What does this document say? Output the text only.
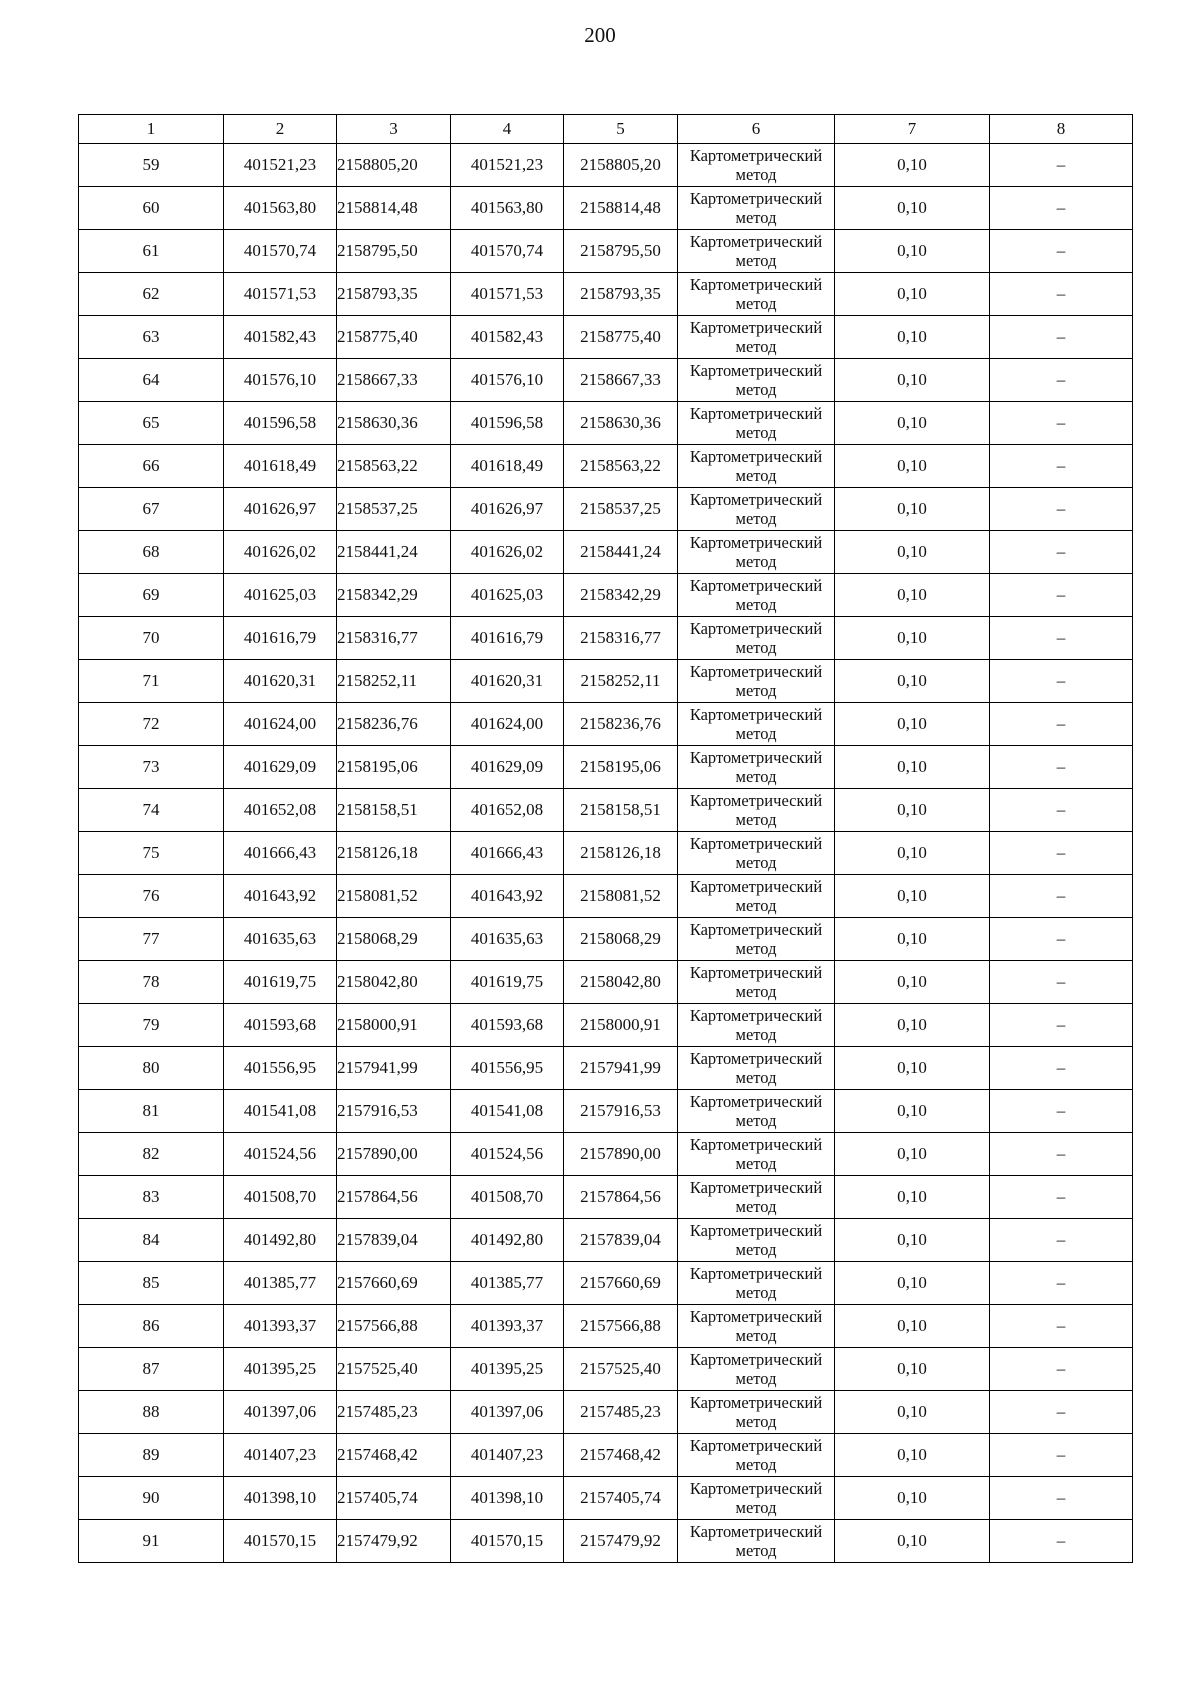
200
1	2	3	4	5	6	7	8
59	401521,23	2158805,20	401521,23	2158805,20	Картометрический
метод	0,10	–
60	401563,80	2158814,48	401563,80	2158814,48	Картометрический
метод	0,10	–
61	401570,74	2158795,50	401570,74	2158795,50	Картометрический
метод	0,10	–
62	401571,53	2158793,35	401571,53	2158793,35	Картометрический
метод	0,10	–
63	401582,43	2158775,40	401582,43	2158775,40	Картометрический
метод	0,10	–
64	401576,10	2158667,33	401576,10	2158667,33	Картометрический
метод	0,10	–
65	401596,58	2158630,36	401596,58	2158630,36	Картометрический
метод	0,10	–
66	401618,49	2158563,22	401618,49	2158563,22	Картометрический
метод	0,10	–
67	401626,97	2158537,25	401626,97	2158537,25	Картометрический
метод	0,10	–
68	401626,02	2158441,24	401626,02	2158441,24	Картометрический
метод	0,10	–
69	401625,03	2158342,29	401625,03	2158342,29	Картометрический
метод	0,10	–
70	401616,79	2158316,77	401616,79	2158316,77	Картометрический
метод	0,10	–
71	401620,31	2158252,11	401620,31	2158252,11	Картометрический
метод	0,10	–
72	401624,00	2158236,76	401624,00	2158236,76	Картометрический
метод	0,10	–
73	401629,09	2158195,06	401629,09	2158195,06	Картометрический
метод	0,10	–
74	401652,08	2158158,51	401652,08	2158158,51	Картометрический
метод	0,10	–
75	401666,43	2158126,18	401666,43	2158126,18	Картометрический
метод	0,10	–
76	401643,92	2158081,52	401643,92	2158081,52	Картометрический
метод	0,10	–
77	401635,63	2158068,29	401635,63	2158068,29	Картометрический
метод	0,10	–
78	401619,75	2158042,80	401619,75	2158042,80	Картометрический
метод	0,10	–
79	401593,68	2158000,91	401593,68	2158000,91	Картометрический
метод	0,10	–
80	401556,95	2157941,99	401556,95	2157941,99	Картометрический
метод	0,10	–
81	401541,08	2157916,53	401541,08	2157916,53	Картометрический
метод	0,10	–
82	401524,56	2157890,00	401524,56	2157890,00	Картометрический
метод	0,10	–
83	401508,70	2157864,56	401508,70	2157864,56	Картометрический
метод	0,10	–
84	401492,80	2157839,04	401492,80	2157839,04	Картометрический
метод	0,10	–
85	401385,77	2157660,69	401385,77	2157660,69	Картометрический
метод	0,10	–
86	401393,37	2157566,88	401393,37	2157566,88	Картометрический
метод	0,10	–
87	401395,25	2157525,40	401395,25	2157525,40	Картометрический
метод	0,10	–
88	401397,06	2157485,23	401397,06	2157485,23	Картометрический
метод	0,10	–
89	401407,23	2157468,42	401407,23	2157468,42	Картометрический
метод	0,10	–
90	401398,10	2157405,74	401398,10	2157405,74	Картометрический
метод	0,10	–
91	401570,15	2157479,92	401570,15	2157479,92	Картометрический
метод	0,10	–
